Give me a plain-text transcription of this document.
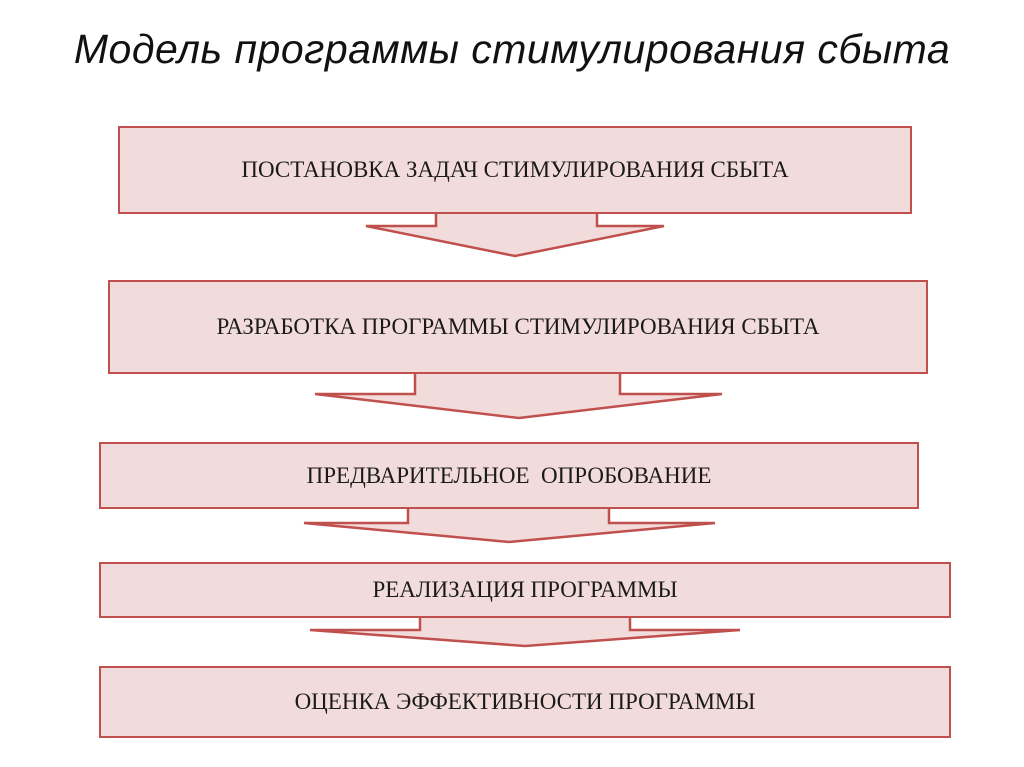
Модель программы стимулирования сбыта
ПОСТАНОВКА ЗАДАЧ СТИМУЛИРОВАНИЯ СБЫТА
РАЗРАБОТКА ПРОГРАММЫ СТИМУЛИРОВАНИЯ СБЫТА
ПРЕДВАРИТЕЛЬНОЕ  ОПРОБОВАНИЕ
РЕАЛИЗАЦИЯ ПРОГРАММЫ
ОЦЕНКА ЭФФЕКТИВНОСТИ ПРОГРАММЫ
